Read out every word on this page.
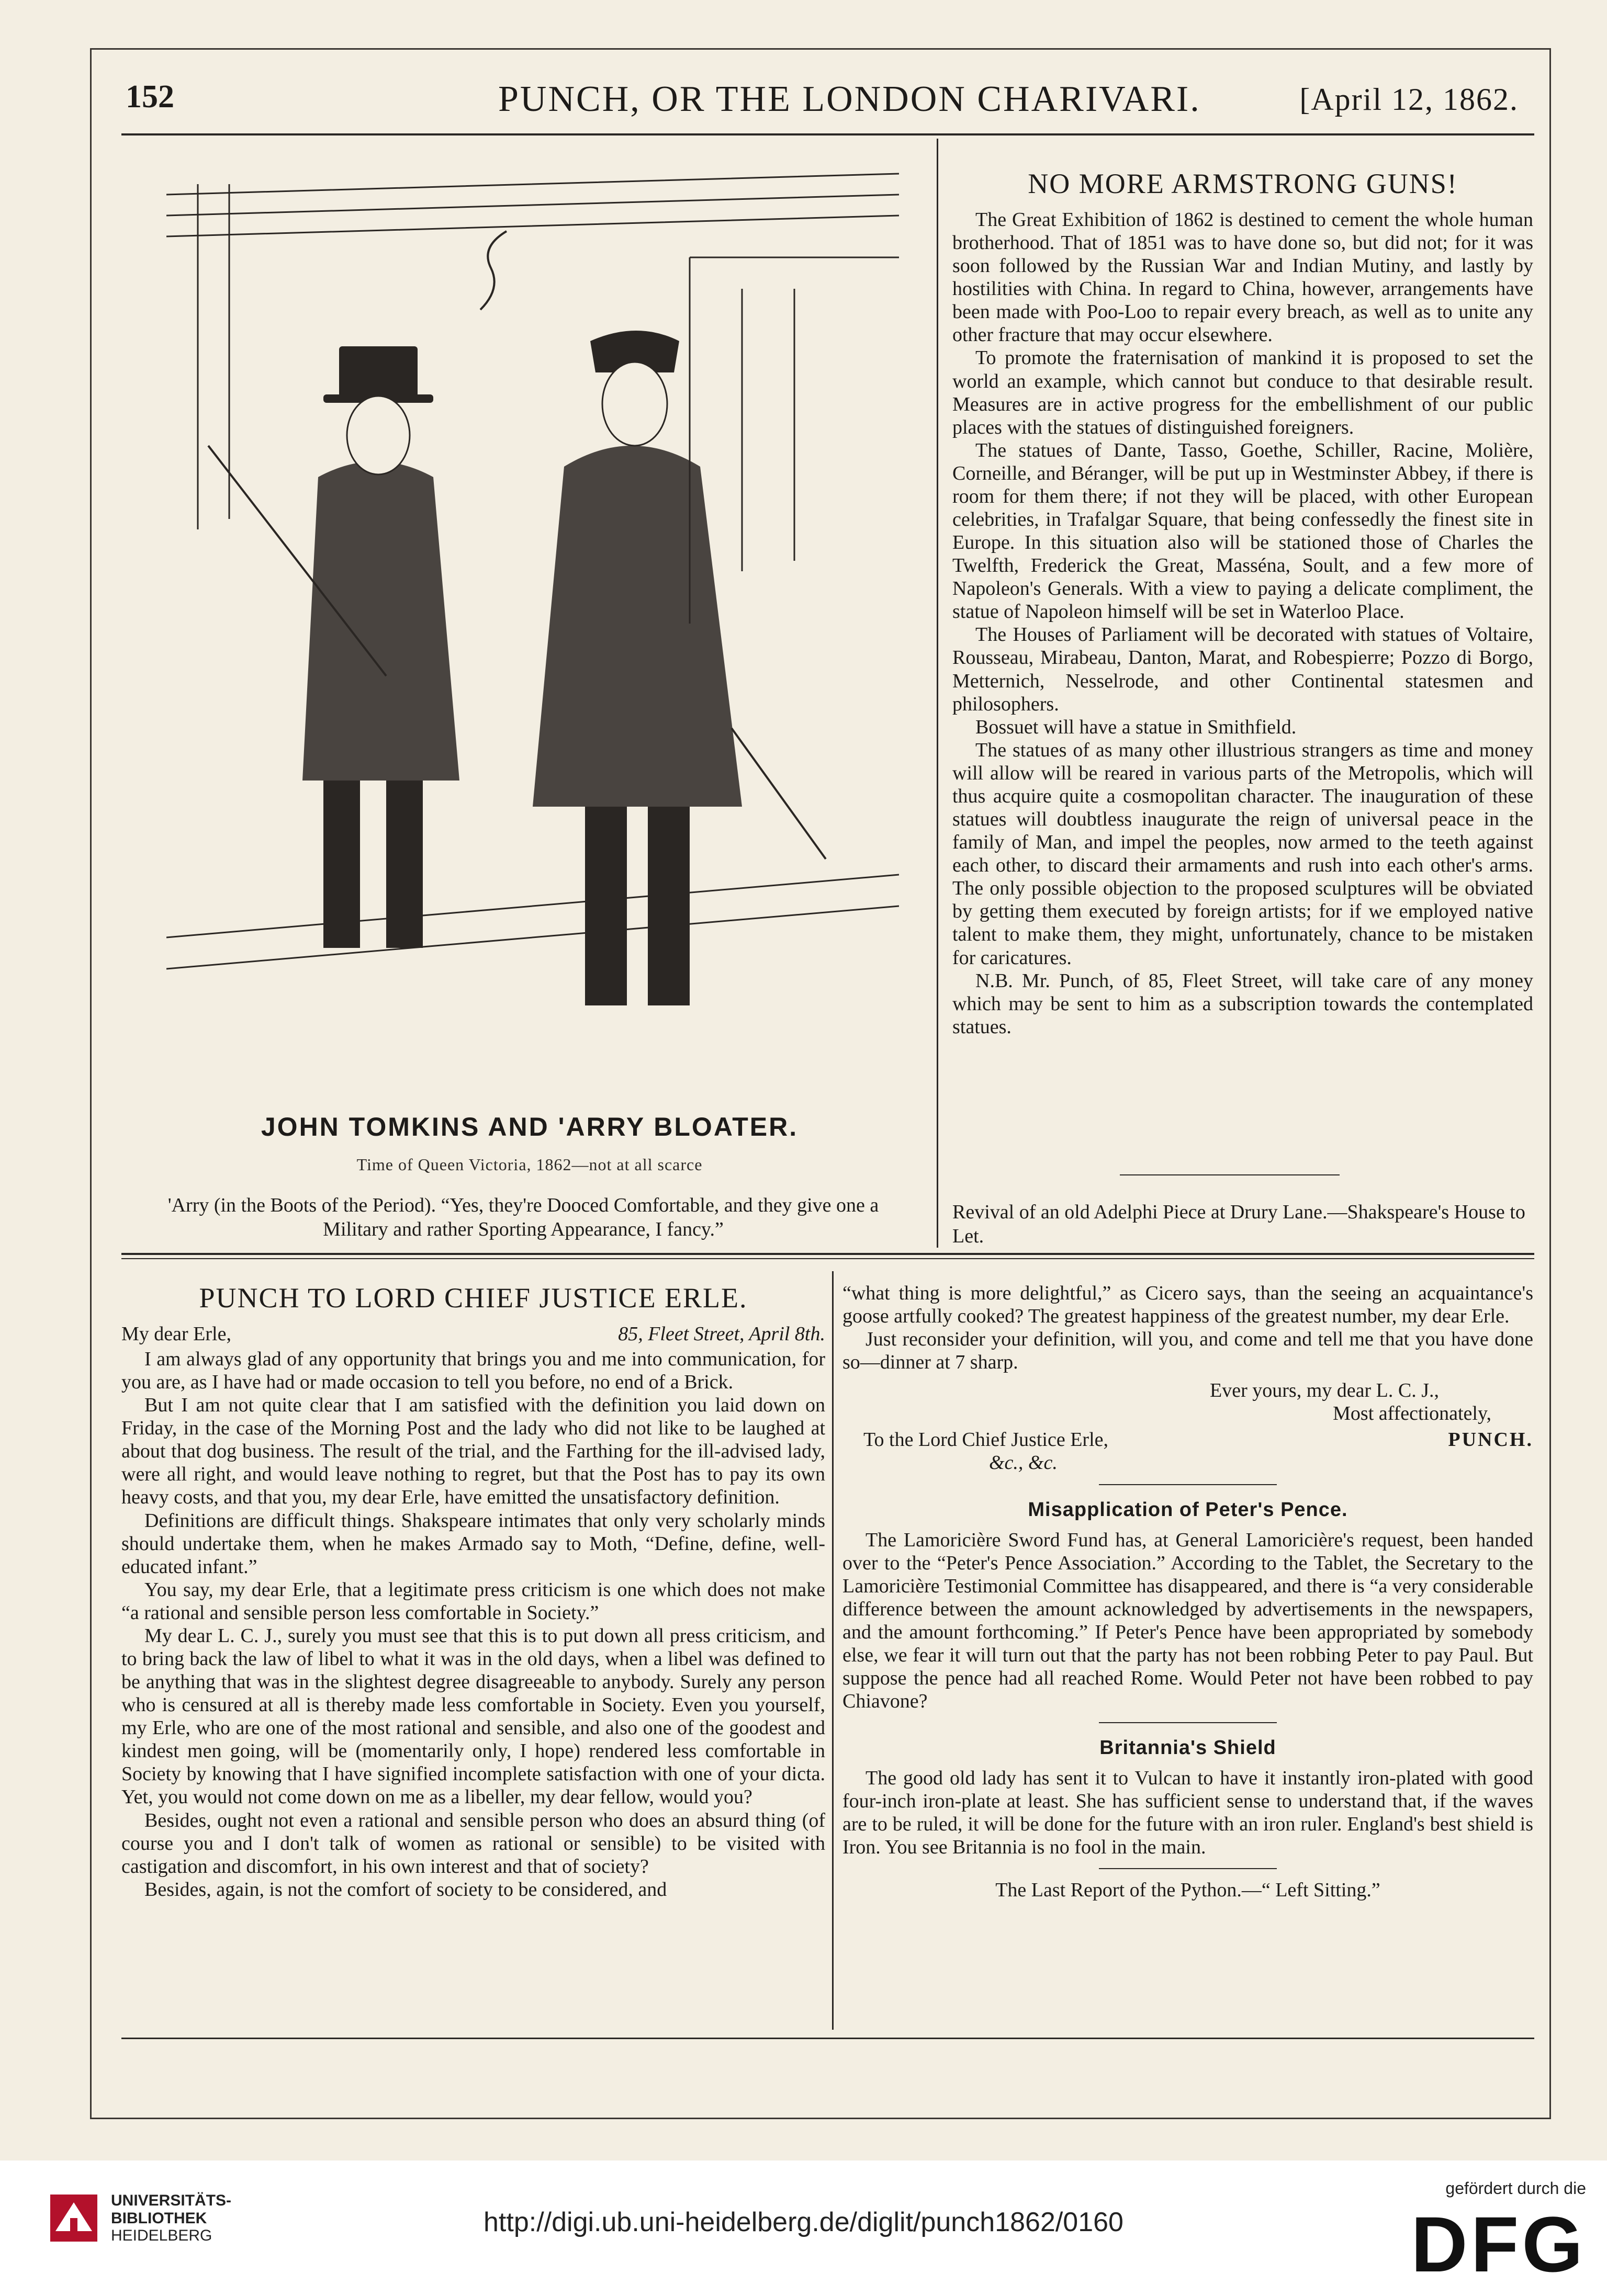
152	PUNCH, OR THE LONDON CHARIVARI.	[April 12, 1862.
JOHN TOMKINS AND 'ARRY BLOATER.
Time of Queen Victoria, 1862—not at all scarce
'Arry (in the Boots of the Period). “Yes, they're Dooced Comfortable, and they give one a Military and rather Sporting Appearance, I fancy.”
NO MORE ARMSTRONG GUNS!

The Great Exhibition of 1862 is destined to cement the whole human brotherhood. That of 1851 was to have done so, but did not; for it was soon followed by the Russian War and Indian Mutiny, and lastly by hostilities with China. In regard to China, however, arrangements have been made with Poo-Loo to repair every breach, as well as to unite any other fracture that may occur elsewhere.

To promote the fraternisation of mankind it is proposed to set the world an example, which cannot but conduce to that desirable result. Measures are in active progress for the embellishment of our public places with the statues of distinguished foreigners.

The statues of Dante, Tasso, Goethe, Schiller, Racine, Molière, Corneille, and Béranger, will be put up in Westminster Abbey, if there is room for them there; if not they will be placed, with other European celebrities, in Trafalgar Square, that being confessedly the finest site in Europe. In this situation also will be stationed those of Charles the Twelfth, Frederick the Great, Masséna, Soult, and a few more of Napoleon's Generals. With a view to paying a delicate compliment, the statue of Napoleon himself will be set in Waterloo Place.

The Houses of Parliament will be decorated with statues of Voltaire, Rousseau, Mirabeau, Danton, Marat, and Robespierre; Pozzo di Borgo, Metternich, Nesselrode, and other Continental statesmen and philosophers.

Bossuet will have a statue in Smithfield.

The statues of as many other illustrious strangers as time and money will allow will be reared in various parts of the Metropolis, which will thus acquire quite a cosmopolitan character. The inauguration of these statues will doubtless inaugurate the reign of universal peace in the family of Man, and impel the peoples, now armed to the teeth against each other, to discard their armaments and rush into each other's arms. The only possible objection to the proposed sculptures will be obviated by getting them executed by foreign artists; for if we employed native talent to make them, they might, unfortunately, chance to be mistaken for caricatures.

N.B. Mr. Punch, of 85, Fleet Street, will take care of any money which may be sent to him as a subscription towards the contemplated statues.

Revival of an old Adelphi Piece at Drury Lane.—Shakspeare's House to Let.
PUNCH TO LORD CHIEF JUSTICE ERLE.
My dear Erle,	85, Fleet Street, April 8th.

I am always glad of any opportunity that brings you and me into communication, for you are, as I have had or made occasion to tell you before, no end of a Brick.

But I am not quite clear that I am satisfied with the definition you laid down on Friday, in the case of the Morning Post and the lady who did not like to be laughed at about that dog business. The result of the trial, and the Farthing for the ill-advised lady, were all right, and would leave nothing to regret, but that the Post has to pay its own heavy costs, and that you, my dear Erle, have emitted the unsatisfactory definition.

Definitions are difficult things. Shakspeare intimates that only very scholarly minds should undertake them, when he makes Armado say to Moth, “Define, define, well-educated infant.”

You say, my dear Erle, that a legitimate press criticism is one which does not make “a rational and sensible person less comfortable in Society.”

My dear L. C. J., surely you must see that this is to put down all press criticism, and to bring back the law of libel to what it was in the old days, when a libel was defined to be anything that was in the slightest degree disagreeable to anybody. Surely any person who is censured at all is thereby made less comfortable in Society. Even you yourself, my Erle, who are one of the most rational and sensible, and also one of the goodest and kindest men going, will be (momentarily only, I hope) rendered less comfortable in Society by knowing that I have signified incomplete satisfaction with one of your dicta. Yet, you would not come down on me as a libeller, my dear fellow, would you?

Besides, ought not even a rational and sensible person who does an absurd thing (of course you and I don't talk of women as rational or sensible) to be visited with castigation and discomfort, in his own interest and that of society?

Besides, again, is not the comfort of society to be considered, and

“what thing is more delightful,” as Cicero says, than the seeing an acquaintance's goose artfully cooked? The greatest happiness of the greatest number, my dear Erle.

Just reconsider your definition, will you, and come and tell me that you have done so—dinner at 7 sharp.

Ever yours, my dear L. C. J.,

Most affectionately,

To the Lord Chief Justice Erle,	PUNCH.

&c., &c.

Misapplication of Peter's Pence.

The Lamoricière Sword Fund has, at General Lamoricière's request, been handed over to the “Peter's Pence Association.” According to the Tablet, the Secretary to the Lamoricière Testimonial Committee has disappeared, and there is “a very considerable difference between the amount acknowledged by advertisements in the newspapers, and the amount forthcoming.” If Peter's Pence have been appropriated by somebody else, we fear it will turn out that the party has not been robbing Peter to pay Paul. But suppose the pence had all reached Rome. Would Peter not have been robbed to pay Chiavone?

Britannia's Shield

The good old lady has sent it to Vulcan to have it instantly iron-plated with good four-inch iron-plate at least. She has sufficient sense to understand that, if the waves are to be ruled, it will be done for the future with an iron ruler. England's best shield is Iron. You see Britannia is no fool in the main.

The Last Report of the Python.—“ Left Sitting.”

UNIVERSITÄTS-
BIBLIOTHEK
HEIDELBERG	http://digi.ub.uni-heidelberg.de/diglit/punch1862/0160
gefördert durch die
DFG
